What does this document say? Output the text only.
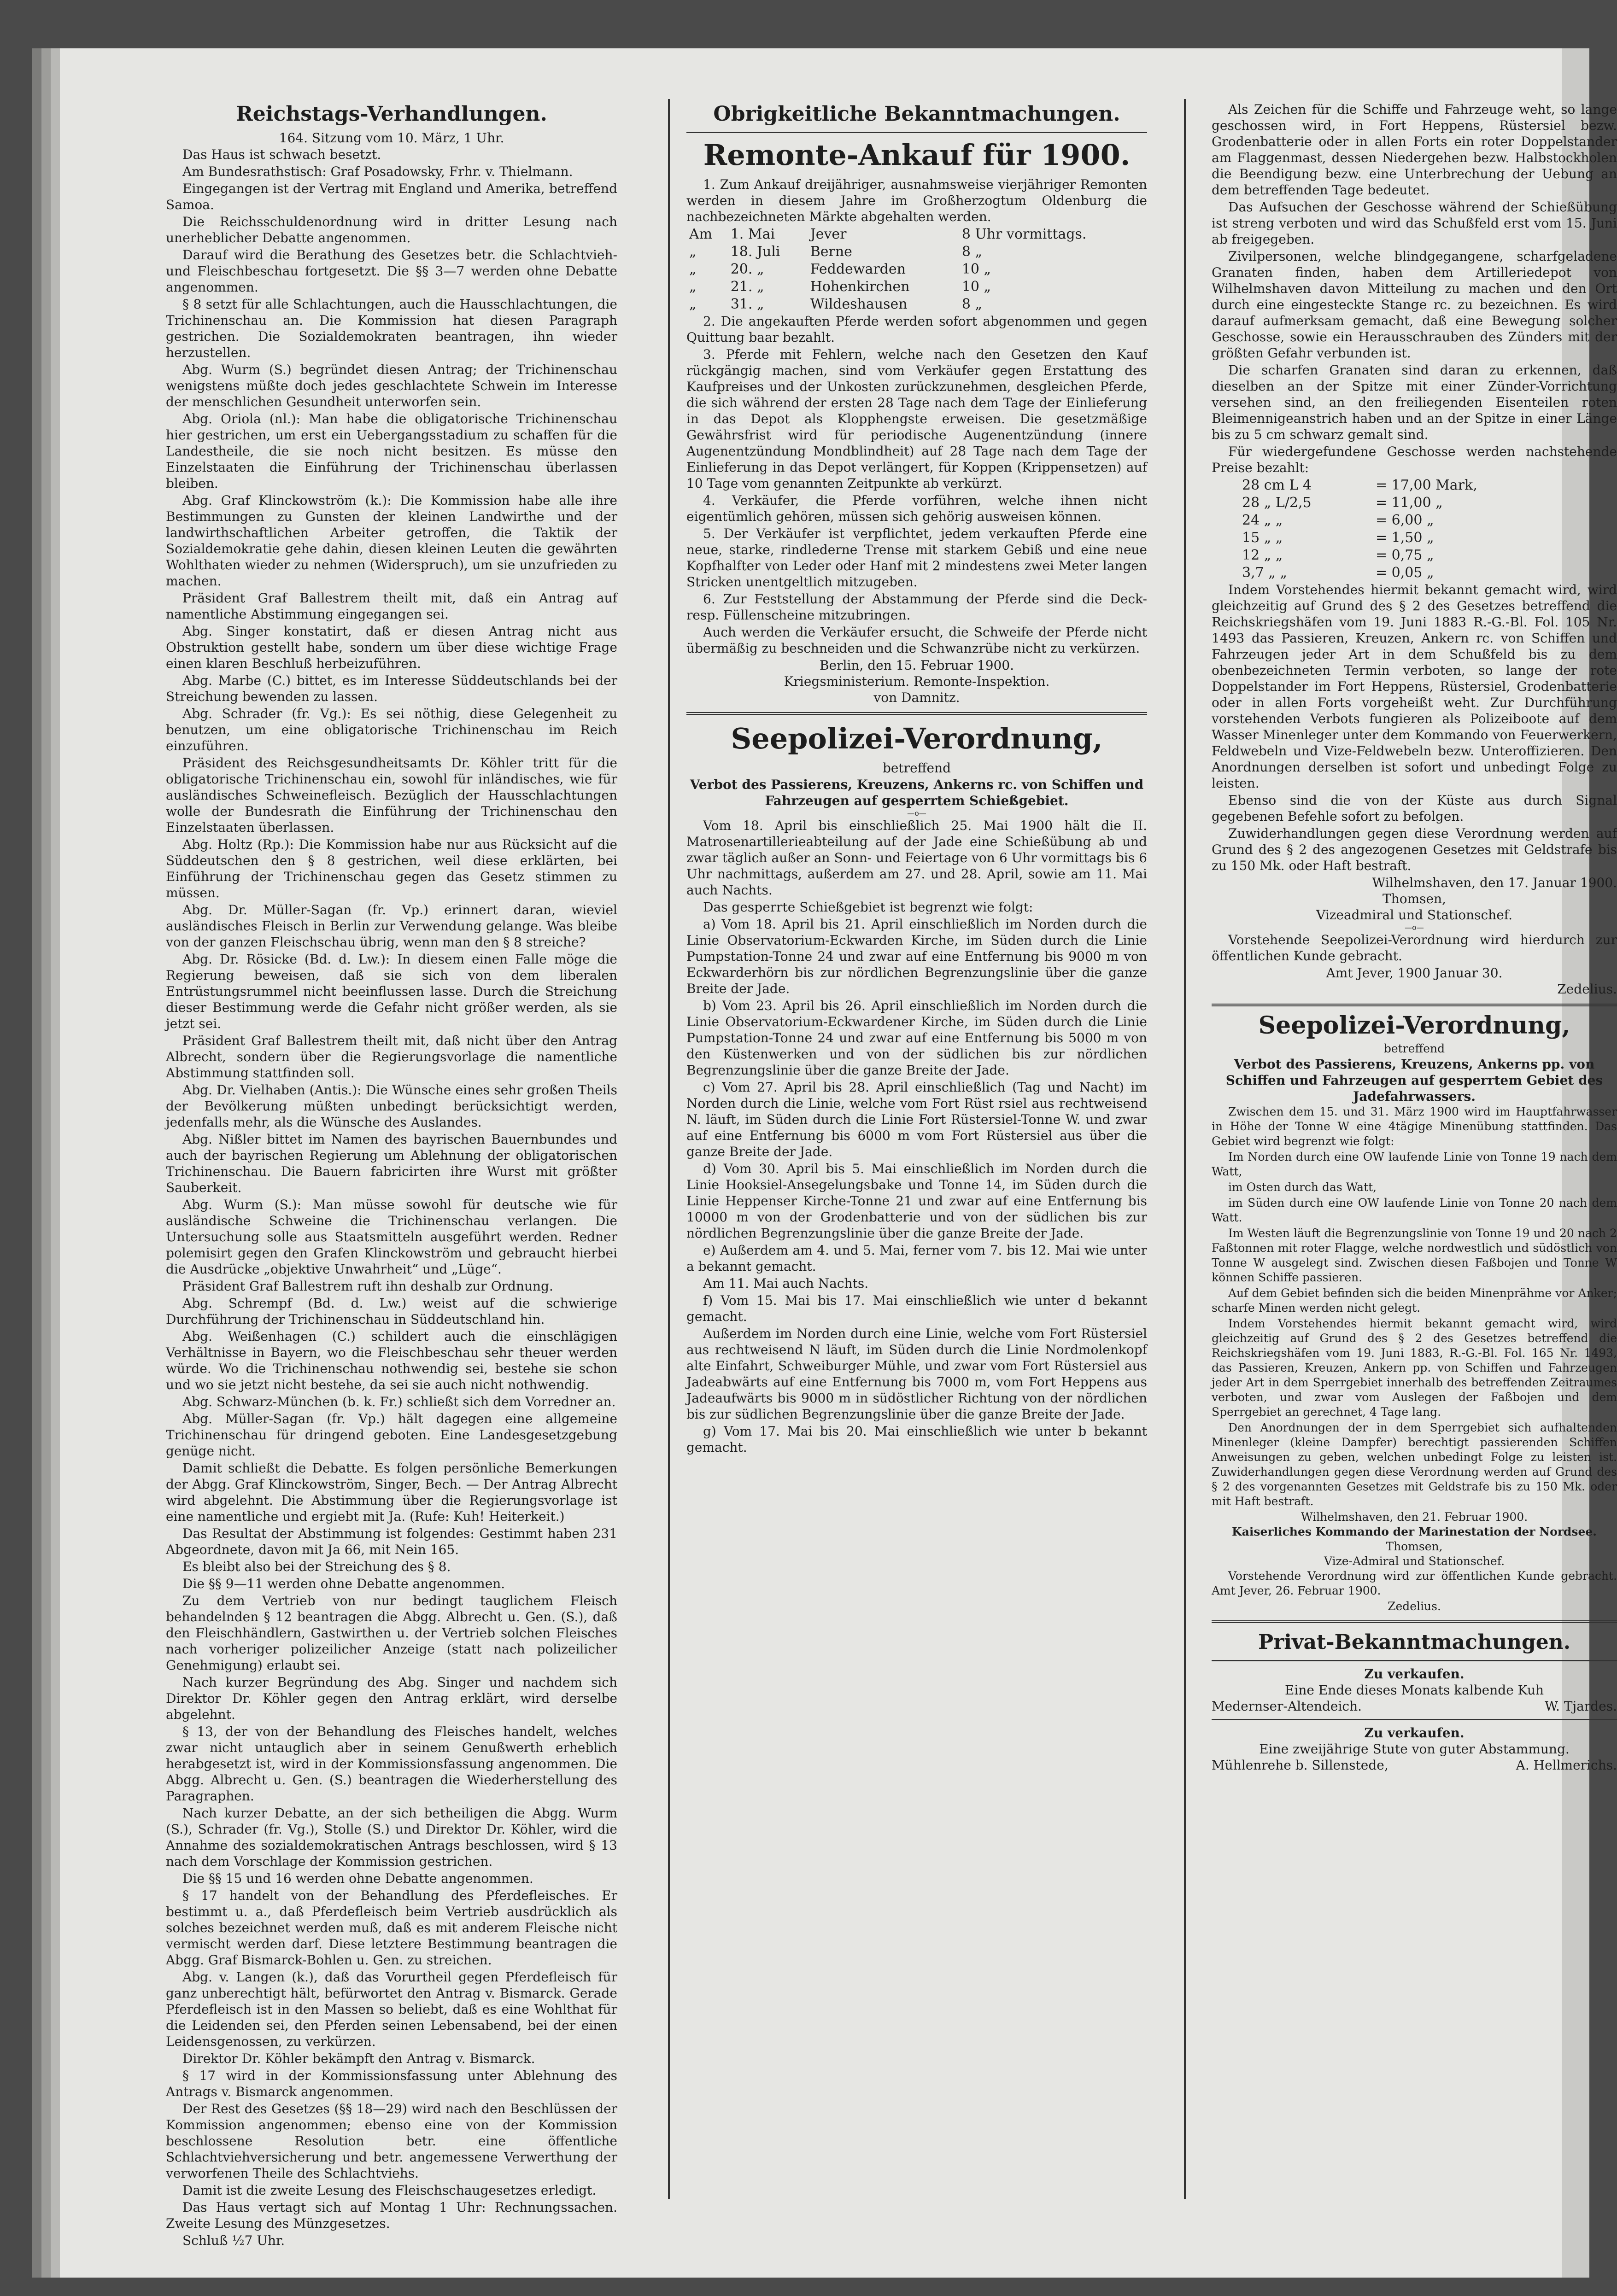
Reichstags-Verhandlungen.
164. Sitzung vom 10. März, 1 Uhr.

Das Haus ist schwach besetzt.

Am Bundesrathstisch: Graf Posadowsky, Frhr. v. Thielmann.

Eingegangen ist der Vertrag mit England und Amerika, betreffend Samoa.

Die Reichsschuldenordnung wird in dritter Lesung nach unerheblicher Debatte angenommen.

Darauf wird die Berathung des Gesetzes betr. die Schlachtvieh- und Fleischbeschau fortgesetzt. Die §§ 3—7 werden ohne Debatte angenommen.

§ 8 setzt für alle Schlachtungen, auch die Hausschlachtungen, die Trichinenschau an. Die Kommission hat diesen Paragraph gestrichen. Die Sozialdemokraten beantragen, ihn wieder herzustellen.

Abg. Wurm (S.) begründet diesen Antrag; der Trichinenschau wenigstens müßte doch jedes geschlachtete Schwein im Interesse der menschlichen Gesundheit unterworfen sein.

Abg. Oriola (nl.): Man habe die obligatorische Trichinenschau hier gestrichen, um erst ein Uebergangsstadium zu schaffen für die Landestheile, die sie noch nicht besitzen. Es müsse den Einzelstaaten die Einführung der Trichinenschau überlassen bleiben.

Abg. Graf Klinckowström (k.): Die Kommission habe alle ihre Bestimmungen zu Gunsten der kleinen Landwirthe und der landwirthschaftlichen Arbeiter getroffen, die Taktik der Sozialdemokratie gehe dahin, diesen kleinen Leuten die gewährten Wohlthaten wieder zu nehmen (Widerspruch), um sie unzufrieden zu machen.

Präsident Graf Ballestrem theilt mit, daß ein Antrag auf namentliche Abstimmung eingegangen sei.

Abg. Singer konstatirt, daß er diesen Antrag nicht aus Obstruktion gestellt habe, sondern um über diese wichtige Frage einen klaren Beschluß herbeizuführen.

Abg. Marbe (C.) bittet, es im Interesse Süddeutschlands bei der Streichung bewenden zu lassen.

Abg. Schrader (fr. Vg.): Es sei nöthig, diese Gelegenheit zu benutzen, um eine obligatorische Trichinenschau im Reich einzuführen.

Präsident des Reichsgesundheitsamts Dr. Köhler tritt für die obligatorische Trichinenschau ein, sowohl für inländisches, wie für ausländisches Schweinefleisch. Bezüglich der Hausschlachtungen wolle der Bundesrath die Einführung der Trichinenschau den Einzelstaaten überlassen.

Abg. Holtz (Rp.): Die Kommission habe nur aus Rücksicht auf die Süddeutschen den § 8 gestrichen, weil diese erklärten, bei Einführung der Trichinenschau gegen das Gesetz stimmen zu müssen.

Abg. Dr. Müller-Sagan (fr. Vp.) erinnert daran, wieviel ausländisches Fleisch in Berlin zur Verwendung gelange. Was bleibe von der ganzen Fleischschau übrig, wenn man den § 8 streiche?

Abg. Dr. Rösicke (Bd. d. Lw.): In diesem einen Falle möge die Regierung beweisen, daß sie sich von dem liberalen Entrüstungsrummel nicht beeinflussen lasse. Durch die Streichung dieser Bestimmung werde die Gefahr nicht größer werden, als sie jetzt sei.

Präsident Graf Ballestrem theilt mit, daß nicht über den Antrag Albrecht, sondern über die Regierungsvorlage die namentliche Abstimmung stattfinden soll.

Abg. Dr. Vielhaben (Antis.): Die Wünsche eines sehr großen Theils der Bevölkerung müßten unbedingt berücksichtigt werden, jedenfalls mehr, als die Wünsche des Auslandes.

Abg. Nißler bittet im Namen des bayrischen Bauernbundes und auch der bayrischen Regierung um Ablehnung der obligatorischen Trichinenschau. Die Bauern fabricirten ihre Wurst mit größter Sauberkeit.

Abg. Wurm (S.): Man müsse sowohl für deutsche wie für ausländische Schweine die Trichinenschau verlangen. Die Untersuchung solle aus Staatsmitteln ausgeführt werden. Redner polemisirt gegen den Grafen Klinckowström und gebraucht hierbei die Ausdrücke „objektive Unwahrheit“ und „Lüge“.

Präsident Graf Ballestrem ruft ihn deshalb zur Ordnung.

Abg. Schrempf (Bd. d. Lw.) weist auf die schwierige Durchführung der Trichinenschau in Süddeutschland hin.

Abg. Weißenhagen (C.) schildert auch die einschlägigen Verhältnisse in Bayern, wo die Fleischbeschau sehr theuer werden würde. Wo die Trichinenschau nothwendig sei, bestehe sie schon und wo sie jetzt nicht bestehe, da sei sie auch nicht nothwendig.

Abg. Schwarz-München (b. k. Fr.) schließt sich dem Vorredner an.

Abg. Müller-Sagan (fr. Vp.) hält dagegen eine allgemeine Trichinenschau für dringend geboten. Eine Landesgesetzgebung genüge nicht.

Damit schließt die Debatte. Es folgen persönliche Bemerkungen der Abgg. Graf Klinckowström, Singer, Bech. — Der Antrag Albrecht wird abgelehnt. Die Abstimmung über die Regierungsvorlage ist eine namentliche und ergiebt mit Ja. (Rufe: Kuh! Heiterkeit.)

Das Resultat der Abstimmung ist folgendes: Gestimmt haben 231 Abgeordnete, davon mit Ja 66, mit Nein 165.

Es bleibt also bei der Streichung des § 8.

Die §§ 9—11 werden ohne Debatte angenommen.

Zu dem Vertrieb von nur bedingt tauglichem Fleisch behandelnden § 12 beantragen die Abgg. Albrecht u. Gen. (S.), daß den Fleischhändlern, Gastwirthen u. der Vertrieb solchen Fleisches nach vorheriger polizeilicher Anzeige (statt nach polizeilicher Genehmigung) erlaubt sei.

Nach kurzer Begründung des Abg. Singer und nachdem sich Direktor Dr. Köhler gegen den Antrag erklärt, wird derselbe abgelehnt.

§ 13, der von der Behandlung des Fleisches handelt, welches zwar nicht untauglich aber in seinem Genußwerth erheblich herabgesetzt ist, wird in der Kommissionsfassung angenommen. Die Abgg. Albrecht u. Gen. (S.) beantragen die Wiederherstellung des Paragraphen.

Nach kurzer Debatte, an der sich betheiligen die Abgg. Wurm (S.), Schrader (fr. Vg.), Stolle (S.) und Direktor Dr. Köhler, wird die Annahme des sozialdemokratischen Antrags beschlossen, wird § 13 nach dem Vorschlage der Kommission gestrichen.

Die §§ 15 und 16 werden ohne Debatte angenommen.

§ 17 handelt von der Behandlung des Pferdefleisches. Er bestimmt u. a., daß Pferdefleisch beim Vertrieb ausdrücklich als solches bezeichnet werden muß, daß es mit anderem Fleische nicht vermischt werden darf. Diese letztere Bestimmung beantragen die Abgg. Graf Bismarck-Bohlen u. Gen. zu streichen.

Abg. v. Langen (k.), daß das Vorurtheil gegen Pferdefleisch für ganz unberechtigt hält, befürwortet den Antrag v. Bismarck. Gerade Pferdefleisch ist in den Massen so beliebt, daß es eine Wohlthat für die Leidenden sei, den Pferden seinen Lebensabend, bei der einen Leidensgenossen, zu verkürzen.

Direktor Dr. Köhler bekämpft den Antrag v. Bismarck.

§ 17 wird in der Kommissionsfassung unter Ablehnung des Antrags v. Bismarck angenommen.

Der Rest des Gesetzes (§§ 18—29) wird nach den Beschlüssen der Kommission angenommen; ebenso eine von der Kommission beschlossene Resolution betr. eine öffentliche Schlachtviehversicherung und betr. angemessene Verwerthung der verworfenen Theile des Schlachtviehs.

Damit ist die zweite Lesung des Fleischschaugesetzes erledigt.

Das Haus vertagt sich auf Montag 1 Uhr: Rechnungssachen. Zweite Lesung des Münzgesetzes.

Schluß ½7 Uhr.

Obrigkeitliche Bekanntmachungen.
Remonte-Ankauf für 1900.

1. Zum Ankauf dreijähriger, ausnahmsweise vierjähriger Remonten werden in diesem Jahre im Großherzogtum Oldenburg die nachbezeichneten Märkte abgehalten werden.

Am	1. Mai	Jever	8 Uhr vormittags.
„	18. Juli	Berne	8 „
„	20. „	Feddewarden	10 „
„	21. „	Hohenkirchen	10 „
„	31. „	Wildeshausen	8 „

2. Die angekauften Pferde werden sofort abgenommen und gegen Quittung baar bezahlt.

3. Pferde mit Fehlern, welche nach den Gesetzen den Kauf rückgängig machen, sind vom Verkäufer gegen Erstattung des Kaufpreises und der Unkosten zurückzunehmen, desgleichen Pferde, die sich während der ersten 28 Tage nach dem Tage der Einlieferung in das Depot als Klopphengste erweisen. Die gesetzmäßige Gewährsfrist wird für periodische Augenentzündung (innere Augenentzündung Mondblindheit) auf 28 Tage nach dem Tage der Einlieferung in das Depot verlängert, für Koppen (Krippensetzen) auf 10 Tage vom genannten Zeitpunkte ab verkürzt.

4. Verkäufer, die Pferde vorführen, welche ihnen nicht eigentümlich gehören, müssen sich gehörig ausweisen können.

5. Der Verkäufer ist verpflichtet, jedem verkauften Pferde eine neue, starke, rindlederne Trense mit starkem Gebiß und eine neue Kopfhalfter von Leder oder Hanf mit 2 mindestens zwei Meter langen Stricken unentgeltlich mitzugeben.

6. Zur Feststellung der Abstammung der Pferde sind die Deck- resp. Füllenscheine mitzubringen.

Auch werden die Verkäufer ersucht, die Schweife der Pferde nicht übermäßig zu beschneiden und die Schwanzrübe nicht zu verkürzen.

Berlin, den 15. Februar 1900.
Kriegsministerium. Remonte-Inspektion.
von Damnitz.
Seepolizei-Verordnung,
betreffend
Verbot des Passierens, Kreuzens, Ankerns rc. von Schiffen und Fahrzeugen auf gesperrtem Schießgebiet.
—o—

Vom 18. April bis einschließlich 25. Mai 1900 hält die II. Matrosenartillerieabteilung auf der Jade eine Schießübung ab und zwar täglich außer an Sonn- und Feiertage von 6 Uhr vormittags bis 6 Uhr nachmittags, außerdem am 27. und 28. April, sowie am 11. Mai auch Nachts.

Das gesperrte Schießgebiet ist begrenzt wie folgt:

a) Vom 18. April bis 21. April einschließlich im Norden durch die Linie Observatorium-Eckwarden Kirche, im Süden durch die Linie Pumpstation-Tonne 24 und zwar auf eine Entfernung bis 9000 m von Eckwarderhörn bis zur nördlichen Begrenzungslinie über die ganze Breite der Jade.

b) Vom 23. April bis 26. April einschließlich im Norden durch die Linie Observatorium-Eckwardener Kirche, im Süden durch die Linie Pumpstation-Tonne 24 und zwar auf eine Entfernung bis 5000 m von den Küstenwerken und von der südlichen bis zur nördlichen Begrenzungslinie über die ganze Breite der Jade.

c) Vom 27. April bis 28. April einschließlich (Tag und Nacht) im Norden durch die Linie, welche vom Fort Rüst rsiel aus rechtweisend N. läuft, im Süden durch die Linie Fort Rüstersiel-Tonne W. und zwar auf eine Entfernung bis 6000 m vom Fort Rüstersiel aus über die ganze Breite der Jade.

d) Vom 30. April bis 5. Mai einschließlich im Norden durch die Linie Hooksiel-Ansegelungsbake und Tonne 14, im Süden durch die Linie Heppenser Kirche-Tonne 21 und zwar auf eine Entfernung bis 10000 m von der Grodenbatterie und von der südlichen bis zur nördlichen Begrenzungslinie über die ganze Breite der Jade.

e) Außerdem am 4. und 5. Mai, ferner vom 7. bis 12. Mai wie unter a bekannt gemacht.

Am 11. Mai auch Nachts.

f) Vom 15. Mai bis 17. Mai einschließlich wie unter d bekannt gemacht.

Außerdem im Norden durch eine Linie, welche vom Fort Rüstersiel aus rechtweisend N läuft, im Süden durch die Linie Nordmolenkopf alte Einfahrt, Schweiburger Mühle, und zwar vom Fort Rüstersiel aus Jadeabwärts auf eine Entfernung bis 7000 m, vom Fort Heppens aus Jadeaufwärts bis 9000 m in südöstlicher Richtung von der nördlichen bis zur südlichen Begrenzungslinie über die ganze Breite der Jade.

g) Vom 17. Mai bis 20. Mai einschließlich wie unter b bekannt gemacht.

Als Zeichen für die Schiffe und Fahrzeuge weht, so lange geschossen wird, in Fort Heppens, Rüstersiel bezw. Grodenbatterie oder in allen Forts ein roter Doppelstander am Flaggenmast, dessen Niedergehen bezw. Halbstockholen die Beendigung bezw. eine Unterbrechung der Uebung an dem betreffenden Tage bedeutet.

Das Aufsuchen der Geschosse während der Schießübung ist streng verboten und wird das Schußfeld erst vom 15. Juni ab freigegeben.

Zivilpersonen, welche blindgegangene, scharfgeladene Granaten finden, haben dem Artilleriedepot von Wilhelmshaven davon Mitteilung zu machen und den Ort durch eine eingesteckte Stange rc. zu bezeichnen. Es wird darauf aufmerksam gemacht, daß eine Bewegung solcher Geschosse, sowie ein Herausschrauben des Zünders mit der größten Gefahr verbunden ist.

Die scharfen Granaten sind daran zu erkennen, daß dieselben an der Spitze mit einer Zünder-Vorrichtung versehen sind, an den freiliegenden Eisenteilen roten Bleimennigeanstrich haben und an der Spitze in einer Länge bis zu 5 cm schwarz gemalt sind.

Für wiedergefundene Geschosse werden nachstehende Preise bezahlt:

28 cm L 4	= 17,00 Mark,
28 „ L/2,5	= 11,00 „
24 „ „	= 6,00 „
15 „ „	= 1,50 „
12 „ „	= 0,75 „
3,7 „ „	= 0,05 „

Indem Vorstehendes hiermit bekannt gemacht wird, wird gleichzeitig auf Grund des § 2 des Gesetzes betreffend die Reichskriegshäfen vom 19. Juni 1883 R.-G.-Bl. Fol. 105 Nr. 1493 das Passieren, Kreuzen, Ankern rc. von Schiffen und Fahrzeugen jeder Art in dem Schußfeld bis zu dem obenbezeichneten Termin verboten, so lange der rote Doppelstander im Fort Heppens, Rüstersiel, Grodenbatterie oder in allen Forts vorgeheißt weht. Zur Durchführung vorstehenden Verbots fungieren als Polizeiboote auf dem Wasser Minenleger unter dem Kommando von Feuerwerkern, Feldwebeln und Vize-Feldwebeln bezw. Unteroffizieren. Den Anordnungen derselben ist sofort und unbedingt Folge zu leisten.

Ebenso sind die von der Küste aus durch Signal gegebenen Befehle sofort zu befolgen.

Zuwiderhandlungen gegen diese Verordnung werden auf Grund des § 2 des angezogenen Gesetzes mit Geldstrafe bis zu 150 Mk. oder Haft bestraft.

Wilhelmshaven, den 17. Januar 1900.
Thomsen,
Vizeadmiral und Stationschef.
—o—

Vorstehende Seepolizei-Verordnung wird hierdurch zur öffentlichen Kunde gebracht.

Amt Jever, 1900 Januar 30.
Zedelius.
Seepolizei-Verordnung,
betreffend
Verbot des Passierens, Kreuzens, Ankerns pp. von Schiffen und Fahrzeugen auf gesperrtem Gebiet des Jadefahrwassers.

Zwischen dem 15. und 31. März 1900 wird im Hauptfahrwasser in Höhe der Tonne W eine 4tägige Minenübung stattfinden. Das Gebiet wird begrenzt wie folgt:

Im Norden durch eine OW laufende Linie von Tonne 19 nach dem Watt,

im Osten durch das Watt,

im Süden durch eine OW laufende Linie von Tonne 20 nach dem Watt.

Im Westen läuft die Begrenzungslinie von Tonne 19 und 20 nach 2 Faßtonnen mit roter Flagge, welche nordwestlich und südöstlich von Tonne W ausgelegt sind. Zwischen diesen Faßbojen und Tonne W können Schiffe passieren.

Auf dem Gebiet befinden sich die beiden Minenprähme vor Anker; scharfe Minen werden nicht gelegt.

Indem Vorstehendes hiermit bekannt gemacht wird, wird gleichzeitig auf Grund des § 2 des Gesetzes betreffend die Reichskriegshäfen vom 19. Juni 1883, R.-G.-Bl. Fol. 165 Nr. 1493, das Passieren, Kreuzen, Ankern pp. von Schiffen und Fahrzeugen jeder Art in dem Sperrgebiet innerhalb des betreffenden Zeitraumes verboten, und zwar vom Auslegen der Faßbojen und dem Sperrgebiet an gerechnet, 4 Tage lang.

Den Anordnungen der in dem Sperrgebiet sich aufhaltenden Minenleger (kleine Dampfer) berechtigt passierenden Schiffen Anweisungen zu geben, welchen unbedingt Folge zu leisten ist. Zuwiderhandlungen gegen diese Verordnung werden auf Grund des § 2 des vorgenannten Gesetzes mit Geldstrafe bis zu 150 Mk. oder mit Haft bestraft.

Wilhelmshaven, den 21. Februar 1900.
Kaiserliches Kommando der Marinestation der Nordsee.
Thomsen,
Vize-Admiral und Stationschef.

Vorstehende Verordnung wird zur öffentlichen Kunde gebracht. Amt Jever, 26. Februar 1900.

Zedelius.
Privat-Bekanntmachungen.
Zu verkaufen.
Eine Ende dieses Monats kalbende Kuh
Medernser-Altendeich.	W. Tjardes.
Zu verkaufen.
Eine zweijährige Stute von guter Abstammung.
Mühlenrehe b. Sillenstede,	A. Hellmerichs.
